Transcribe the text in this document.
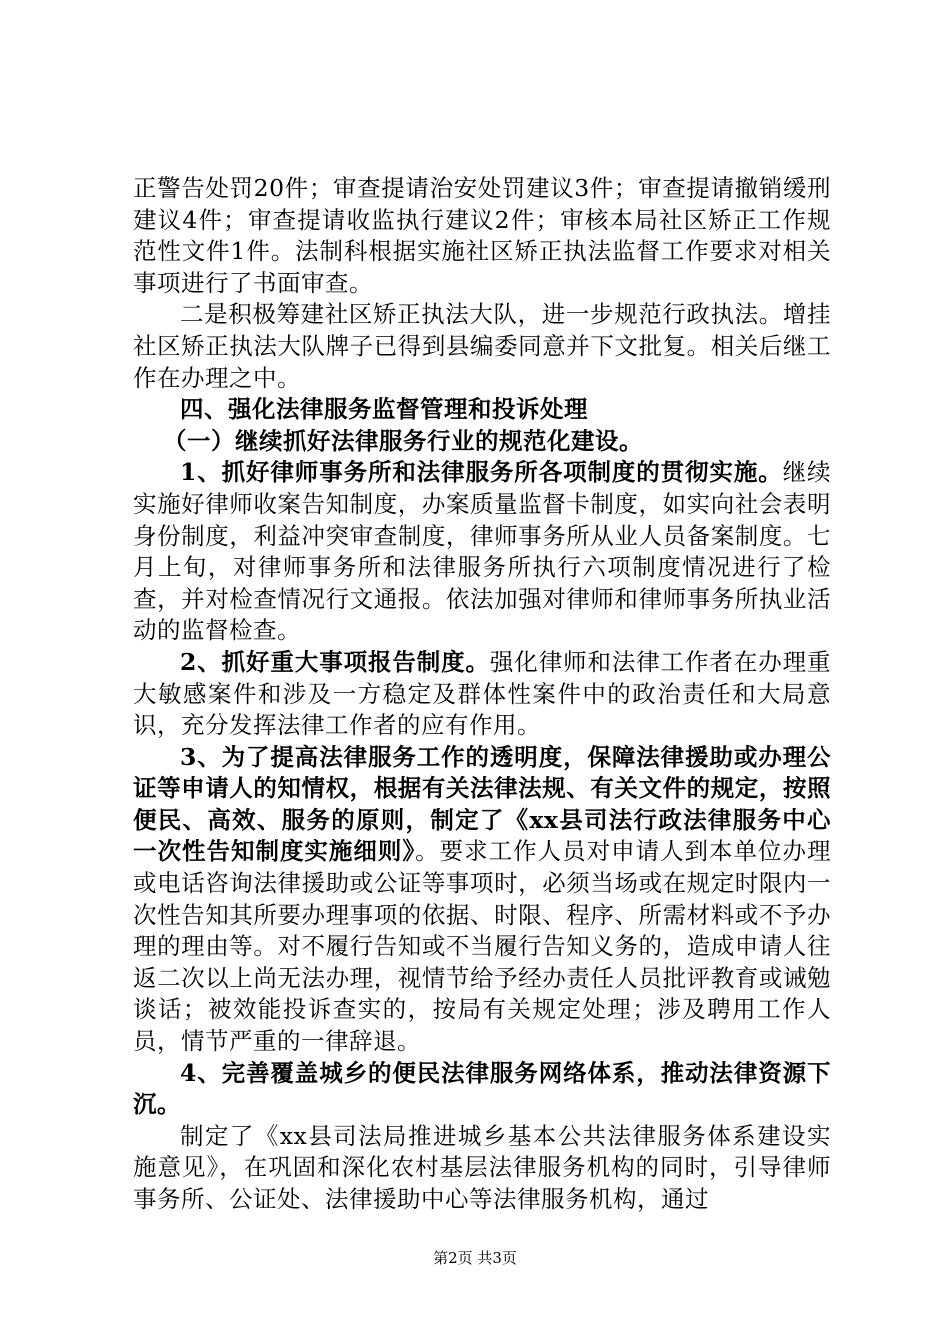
正警告处罚20件；审查提请治安处罚建议3件；审查提请撤销缓刑建议4件；审查提请收监执行建议2件；审核本局社区矫正工作规范性文件1件。法制科根据实施社区矫正执法监督工作要求对相关事项进行了书面审查。

二是积极筹建社区矫正执法大队，进一步规范行政执法。增挂社区矫正执法大队牌子已得到县编委同意并下文批复。相关后继工作在办理之中。

四、强化法律服务监督管理和投诉处理

（一）继续抓好法律服务行业的规范化建设。

1、抓好律师事务所和法律服务所各项制度的贯彻实施。继续实施好律师收案告知制度，办案质量监督卡制度，如实向社会表明身份制度，利益冲突审查制度，律师事务所从业人员备案制度。七月上旬，对律师事务所和法律服务所执行六项制度情况进行了检查，并对检查情况行文通报。依法加强对律师和律师事务所执业活动的监督检查。

2、抓好重大事项报告制度。强化律师和法律工作者在办理重大敏感案件和涉及一方稳定及群体性案件中的政治责任和大局意识，充分发挥法律工作者的应有作用。

3、为了提高法律服务工作的透明度，保障法律援助或办理公证等申请人的知情权，根据有关法律法规、有关文件的规定，按照便民、高效、服务的原则，制定了《xx县司法行政法律服务中心一次性告知制度实施细则》。要求工作人员对申请人到本单位办理或电话咨询法律援助或公证等事项时，必须当场或在规定时限内一次性告知其所要办理事项的依据、时限、程序、所需材料或不予办理的理由等。对不履行告知或不当履行告知义务的，造成申请人往返二次以上尚无法办理，视情节给予经办责任人员批评教育或诫勉谈话；被效能投诉查实的，按局有关规定处理；涉及聘用工作人员，情节严重的一律辞退。

4、完善覆盖城乡的便民法律服务网络体系，推动法律资源下沉。

制定了《xx县司法局推进城乡基本公共法律服务体系建设实施意见》，在巩固和深化农村基层法律服务机构的同时，引导律师事务所、公证处、法律援助中心等法律服务机构，通过

第2页 共3页
